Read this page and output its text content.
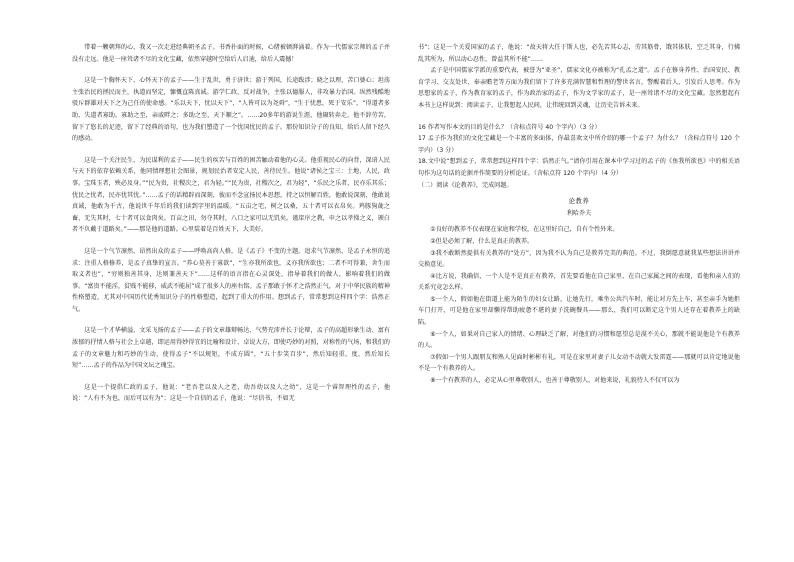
带着一颗朝拜的心，我又一次走进经典朝圣孟子。书香扑面的时候，心绪被顿湃涌着。作为一代儒家宗师的孟子并没有走远。他是一座耸诸不尽的文化宝藏，依然穿越时空给后人启迪，给后人震撼！
这是一个胸怀天下、心怀天下的孟子——生于乱世，勇于济世；游于列国，长途跋涉；晓之以理，苦口婆心；坦荡主张治民的拯民而主，执道而坚定，慷慨直陈真诚。游学仁政，反对战争，主张以德服人，非攻暴力治国。纵然残酷地驳斥群雄对天下之为己任的使命感。“乐以天下，忧以天下”，“人皆可以为尧舜”，“生于忧患，死于安乐”，“得道者多助，失道者寡助。寡助之至，亲戚畔之；多助之至，天下顺之”。……20多年的游说生涯，他辗转奔走，他不辞劳苦，留下了悠长的足迹，留下了经典的语句，也为我们塑造了一个忧国忧民的孟子。那份知识分子的良知，给后人留下经久的感动。
这是一个关注民生、为民谋利的孟子——民生的疾苦与百姓的困苦触动着他的心灵。他重视民心的向背，深谙人民与天下的依存依赖关系，他同情理想社会图景，规划民治者安定人民，善待民生。他说“诸侯之宝三：土地，人民，政事。宝珠玉者，殃必及身。”“民为贵，社稷次之，君为轻。”“民为贵，社稷次之，君为轻”，“乐民之乐者，民亦乐其乐；忧民之忧者，民亦忧其忧。”……孟子的话精辟而深刻，彼而不念宣扬民本思想，持之以恒解百姓，他敢说深刻，他敢说真诚，他敢为千古，他说世千年后的我们读到字里的温暖。“五亩之宅，树之以桑，五十者可以衣帛矣。鸡豚狗彘之畜，无失其时，七十者可以食肉矣。百亩之田，勿夺其时，八口之家可以无饥矣。谨庠序之教，申之以孝悌之义，颁白者不负戴于道路矣。”——那是他的道路。心里装着是百姓天下，大美好。
这是一个气节凛然、昂然出众的孟子——呼唤高尚人格，是《孟子》不变的主题。追求气节凛然，是孟子永恒的追求：注重人格修养，是孟子真挚的宣言。“养心莫善于寡欲”，“生亦我所欲也，义亦我所欲也；二者不可得兼，舍生而取义者也”，“穷则独善其身，达则兼善天下”……这样的语言指在心灵深处，指导着我们的做人，影响着我们的做事。“富贵不能淫，贫贱不能移，威武不能屈”成了很多人的座右铭。孟子那敢于怀才之浩然正气，对于中华民族的精神性格塑造，尤其对中国历代优秀知识分子的性格塑造，起到了重大的作用。想到孟子，常常想到这样四个字：浩然正气。
这是一个才华横溢、文采飞扬的孟子——孟子的文章雄辩畅达、气势充沛并长于论辩，孟子的高超形象生动、富有浓郁的抒情人格与社会上卓越，即运用得妙得宜的比喻和设计、卓说大方，即使巧妙的对照，对称性的气场，和我们的孟子的文章魅力和巧妙的生动，使得孟子“不以规矩，不成方圆”，“五十步笑百步”，然后知轻重，度，然后知长短”……孟子的作品为中国文坛之瑰宝。
这是一个提倡仁政的孟子，他说：“老吾老以及人之老，幼吾幼以及人之幼”，这是一个睿智理性的孟子，他说：“人有不为也，而后可以有为”；这是一个自信的孟子，他说：“尽信书，不如无
书”；这是一个关爱国家的孟子，他说：“故天将大任于斯人也，必先苦其心志，劳其筋骨，饿其体肤，空乏其身，行拂乱其所为，所以动心忍性，曾益其所不能”……
孟子是中国儒家学派的重要代表，被誉为“亚圣”，儒家文化亦被称为“孔孟之道”。孟子在修身养性、治国安民、教育学习、交友处世、奉亲赡老等方面为我们留下了许多充满智慧和哲理的警世名言，警醒着后人，引发后人思考。作为思想家的孟子，作为教育家的孟子，作为政治家的孟子，作为文学家的孟子，是一座耸诸不尽的文化宝藏。忽然想起有本书上这样说到：阅读孟子，让我想起人民间，让伟统回到灵魂，让历史告诉未来。
16 作者写作本文的目的是什么？（含标点符号 40 个字内）（3 分）
17 孟子作为我们的文化宝藏是一个丰富的多面体，你最喜欢文中所介绍的哪一个孟子？为什么？（含标点符号 120 个字内）（3 分）
18.文中说“想到孟子，常常想到这样四个字：浩然正气。”请你引用在课本中学习过的孟子的《鱼我所欲也》中的相关语句作为这句话的论据并作简要的分析论证。（含标点符 120 个字内）（4 分）
（二）阅读《论教养》，完成问题。
论教养
利哈乔夫
①良好的教养不仅表现在家庭和学校，在这里好自己，自有个性外来。
②但是必须了解，什么是真正的教养。
③我不敢断然提供有关教养的“处方”，因为我不认为自己是教养完美的典范。不过，我倒愿意就我某些想法讲讲并交换意见。
④比方说，我确信，一个人是不是真正有教养，首先要看他在自己家里、在自己家属之间的表现，看他和亲人们的关系究竟怎么样。
⑤一个人，假如他在街道上能为陌生的妇女让路，让她先行，乘坐公共汽车时，能让对方先上车，甚至亲手为她拒车门打开，可是他在家里却懒得帮助疲惫不堪的妻子洗碗餐具——那么，我们可以断定这个男人还存在着教养上的缺陷。
⑥一个人，如果对自己家人的情绪、心理缺乏了解，对他们的习惯和愿望总是漠不关心，那就不能说他是个有教养的人。
⑦假如一个男人跟朋友和熟人见面时彬彬有礼，可是在家里对妻子儿女动不动就大发雷霆——那就可以肯定地说他不是一个有教养的人。
⑧一个有教养的人，必定从心里尊敬别人，也善于尊敬别人。对他来说，礼貌待人不仅可以为
